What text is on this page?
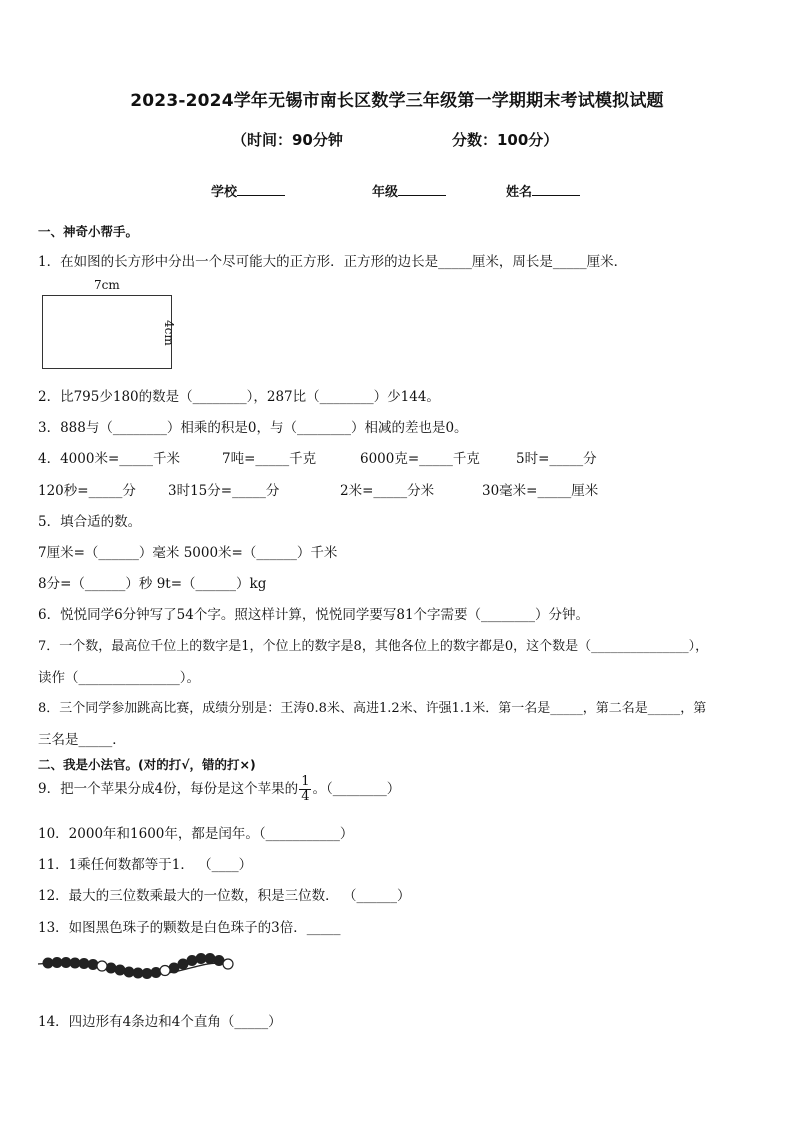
2023-2024学年无锡市南长区数学三年级第一学期期末考试模拟试题
（时间：90分钟	分数：100分）
学校	年级	姓名
一、神奇小帮手。
1．在如图的长方形中分出一个尽可能大的正方形．正方形的边长是_____厘米，周长是_____厘米．
7cm
4cm
2．比795少180的数是（________），287比（________）少144。
3．888与（________）相乘的积是0，与（________）相减的差也是0。
4．4000米=_____千米	7吨=_____千克	6000克=_____千克	5时=_____分
120秒=_____分 3时15分=_____分	2米=_____分米	30毫米=_____厘米
5．填合适的数。
7厘米=（______）毫米 5000米=（______）千米
8分=（______）秒 9t=（______）kg
6．悦悦同学6分钟写了54个字。照这样计算，悦悦同学要写81个字需要（________）分钟。
7．一个数，最高位千位上的数字是1，个位上的数字是8，其他各位上的数字都是0，这个数是（_______________），
读作（_______________）。
8．三个同学参加跳高比赛，成绩分别是：王涛0.8米、高进1.2米、许强1.1米．第一名是_____，第二名是_____，第
三名是_____．
二、我是小法官。(对的打√，错的打×)
9．把一个苹果分成4份，每份是这个苹果的 $\frac{1}{4}$ 。（________）
10．2000年和1600年，都是闰年。（___________）
11．1乘任何数都等于1． （____）
12．最大的三位数乘最大的一位数，积是三位数． （______）
13．如图黑色珠子的颗数是白色珠子的3倍．_____
14．四边形有4条边和4个直角（_____）
